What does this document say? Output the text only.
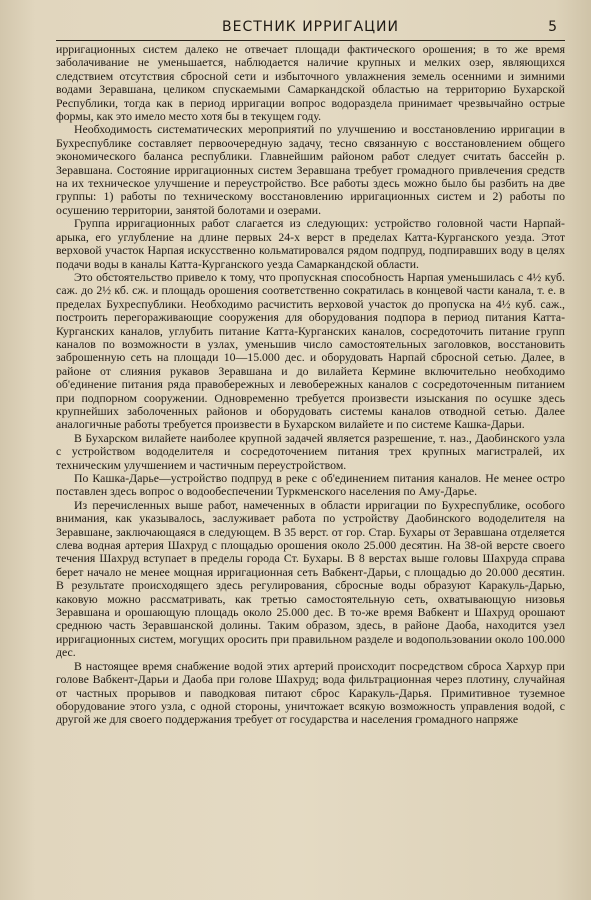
ВЕСТНИК ИРРИГАЦИИ	5

ирригационных систем далеко не отвечает площади фактического орошения; в то же время заболачивание не уменьшается, наблюдается наличие крупных и мелких озер, являющихся следствием отсутствия сбросной сети и избыточного увлажнения земель осенними и зимними водами Зеравшана, целиком спускаемыми Самаркандской областью на территорию Бухарской Республики, тогда как в период ирригации вопрос водораздела принимает чрезвычайно острые формы, как это имело место хотя бы в текущем году.

Необходимость систематических мероприятий по улучшению и восстановлению ирригации в Бухреспублике составляет первоочередную задачу, тесно связанную с восстановлением общего экономического баланса республики. Главнейшим районом работ следует считать бассейн р. Зеравшана. Состояние ирригационных систем Зеравшана требует громадного привлечения средств на их техническое улучшение и переустройство. Все работы здесь можно было бы разбить на две группы: 1) работы по техническому восстановлению ирригационных систем и 2) работы по осушению территории, занятой болотами и озерами.

Группа ирригационных работ слагается из следующих: устройство головной части Нарпай-арыка, его углубление на длине первых 24-х верст в пределах Катта-Курганского уезда. Этот верховой участок Нарпая искусственно кольматировался рядом подпруд, подпиравших воду в целях подачи воды в каналы Катта-Курганского уезда Самаркандской области.

Это обстоятельство привело к тому, что пропускная способность Нарпая уменьшилась с 4½ куб. саж. до 2½ кб. сж. и площадь орошения соответственно сократилась в концевой части канала, т. е. в пределах Бухреспублики. Необходимо расчистить верховой участок до пропуска на 4½ куб. саж., построить перегораживающие сооружения для оборудования подпора в период питания Катта-Курганских каналов, углубить питание Катта-Курганских каналов, сосредоточить питание групп каналов по возможности в узлах, уменьшив число самостоятельных заголовков, восстановить заброшенную сеть на площади 10—15.000 дес. и оборудовать Нарпай сбросной сетью. Далее, в районе от слияния рукавов Зеравшана и до вилайета Кермине включительно необходимо об'единение питания ряда правобережных и левобережных каналов с сосредоточенным питанием при подпорном сооружении. Одновременно требуется произвести изыскания по осушке здесь крупнейших заболоченных районов и оборудовать системы каналов отводной сетью. Далее аналогичные работы требуется произвести в Бухарском вилайете и по системе Кашка-Дарьи.

В Бухарском вилайете наиболее крупной задачей является разрешение, т. наз., Даобинского узла с устройством вододелителя и сосредоточением питания трех крупных магистралей, их техническим улучшением и частичным переустройством.

По Кашка-Дарье—устройство подпруд в реке с об'единением питания каналов. Не менее остро поставлен здесь вопрос о водообеспечении Туркменского населения по Аму-Дарье.

Из перечисленных выше работ, намеченных в области ирригации по Бухреспублике, особого внимания, как указывалось, заслуживает работа по устройству Даобинского вододелителя на Зеравшане, заключающаяся в следующем. В 35 верст. от гор. Стар. Бухары от Зеравшана отделяется слева водная артерия Шахруд с площадью орошения около 25.000 десятин. На 38-ой версте своего течения Шахруд вступает в пределы города Ст. Бухары. В 8 верстах выше головы Шахруда справа берет начало не менее мощная ирригационная сеть Вабкент-Дарьи, с площадью до 20.000 десятин. В результате происходящего здесь регулирования, сбросные воды образуют Каракуль-Дарью, каковую можно рассматривать, как третью самостоятельную сеть, охватывающую низовья Зеравшана и орошающую площадь около 25.000 дес. В то-же время Вабкент и Шахруд орошают среднюю часть Зеравшанской долины. Таким образом, здесь, в районе Даоба, находится узел ирригационных систем, могущих оросить при правильном разделе и водопользовании около 100.000 дес.

В настоящее время снабжение водой этих артерий происходит посредством сброса Хархур при голове Вабкент-Дарьи и Даоба при голове Шахруд; вода фильтрационная через плотину, случайная от частных прорывов и паводковая питают сброс Каракуль-Дарья. Примитивное туземное оборудование этого узла, с одной стороны, уничтожает всякую возможность управления водой, с другой же для своего поддержания требует от государства и населения громадного напряже
